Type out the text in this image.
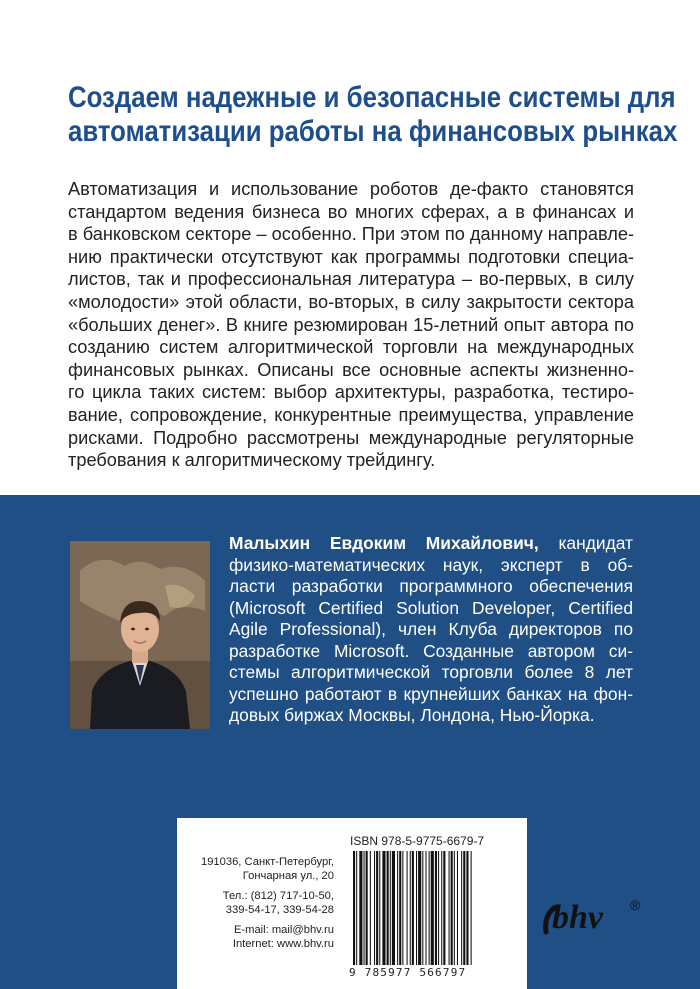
Создаем надежные и безопасные системы для
автоматизации работы на финансовых рынках
Автоматизация и использование роботов де-факто становятся
стандартом ведения бизнеса во многих сферах, а в финансах и
в банковском секторе – особенно. При этом по данному направле-
нию практически отсутствуют как программы подготовки специа-
листов, так и профессиональная литература – во-первых, в силу
«молодости» этой области, во-вторых, в силу закрытости сектора
«больших денег». В книге резюмирован 15-летний опыт автора по
созданию систем алгоритмической торговли на международных
финансовых рынках. Описаны все основные аспекты жизненно-
го цикла таких систем: выбор архитектуры, разработка, тестиро-
вание, сопровождение, конкурентные преимущества, управление
рисками. Подробно рассмотрены международные регуляторные
требования к алгоритмическому трейдингу.
Малыхин Евдоким Михайлович, кандидат
физико-математических наук, эксперт в об-
ласти разработки программного обеспечения
(Microsoft Certified Solution Developer, Certified
Agile Professional), член Клуба директоров по
разработке Microsoft. Созданные автором си-
стемы алгоритмической торговли более 8 лет
успешно работают в крупнейших банках на фон-
довых биржах Москвы, Лондона, Нью-Йорка.
191036, Санкт-Петербург,
Гончарная ул., 20
Тел.: (812) 717-10-50,
339-54-17, 339-54-28
E-mail: mail@bhv.ru
Internet: www.bhv.ru
ISBN 978-5-9775-6679-7
9 785977 566797
bhv ®
